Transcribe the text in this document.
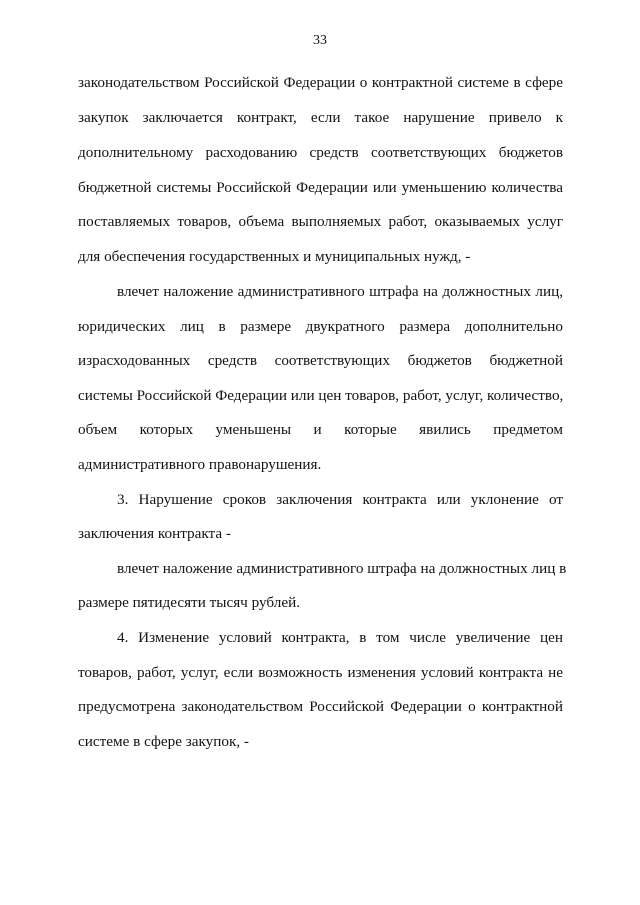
33
законодательством Российской Федерации о контрактной системе в сфере
закупок заключается контракт, если такое нарушение привело к
дополнительному расходованию средств соответствующих бюджетов
бюджетной системы Российской Федерации или уменьшению количества
поставляемых товаров, объема выполняемых работ, оказываемых услуг
для обеспечения государственных и муниципальных нужд, -
влечет наложение административного штрафа на должностных лиц,
юридических лиц в размере двукратного размера дополнительно
израсходованных средств соответствующих бюджетов бюджетной
системы Российской Федерации или цен товаров, работ, услуг, количество,
объем которых уменьшены и которые явились предметом
административного правонарушения.
3. Нарушение сроков заключения контракта или уклонение от
заключения контракта -
влечет наложение административного штрафа на должностных лиц в
размере пятидесяти тысяч рублей.
4. Изменение условий контракта, в том числе увеличение цен
товаров, работ, услуг, если возможность изменения условий контракта не
предусмотрена законодательством Российской Федерации о контрактной
системе в сфере закупок, -
